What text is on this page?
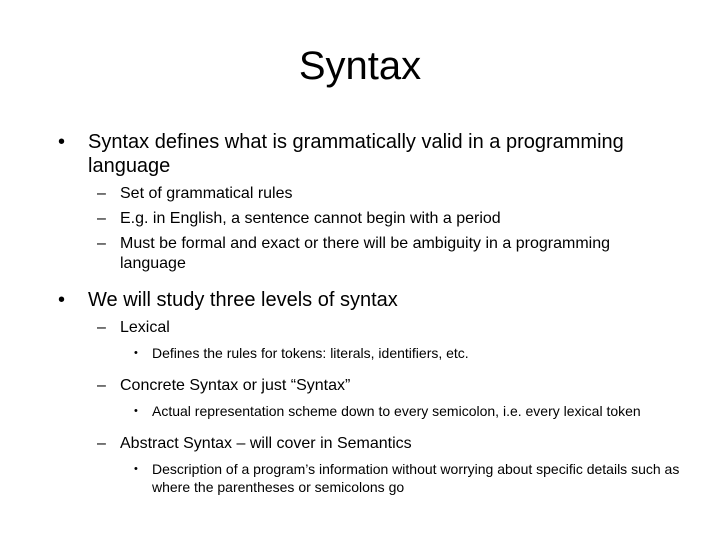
Syntax
• Syntax defines what is grammatically valid in a programming language
– Set of grammatical rules
– E.g. in English, a sentence cannot begin with a period
– Must be formal and exact or there will be ambiguity in a programming language
• We will study three levels of syntax
– Lexical
• Defines the rules for tokens: literals, identifiers, etc.
– Concrete Syntax or just “Syntax”
• Actual representation scheme down to every semicolon, i.e. every lexical token
– Abstract Syntax – will cover in Semantics
• Description of a program’s information without worrying about specific details such as where the parentheses or semicolons go
